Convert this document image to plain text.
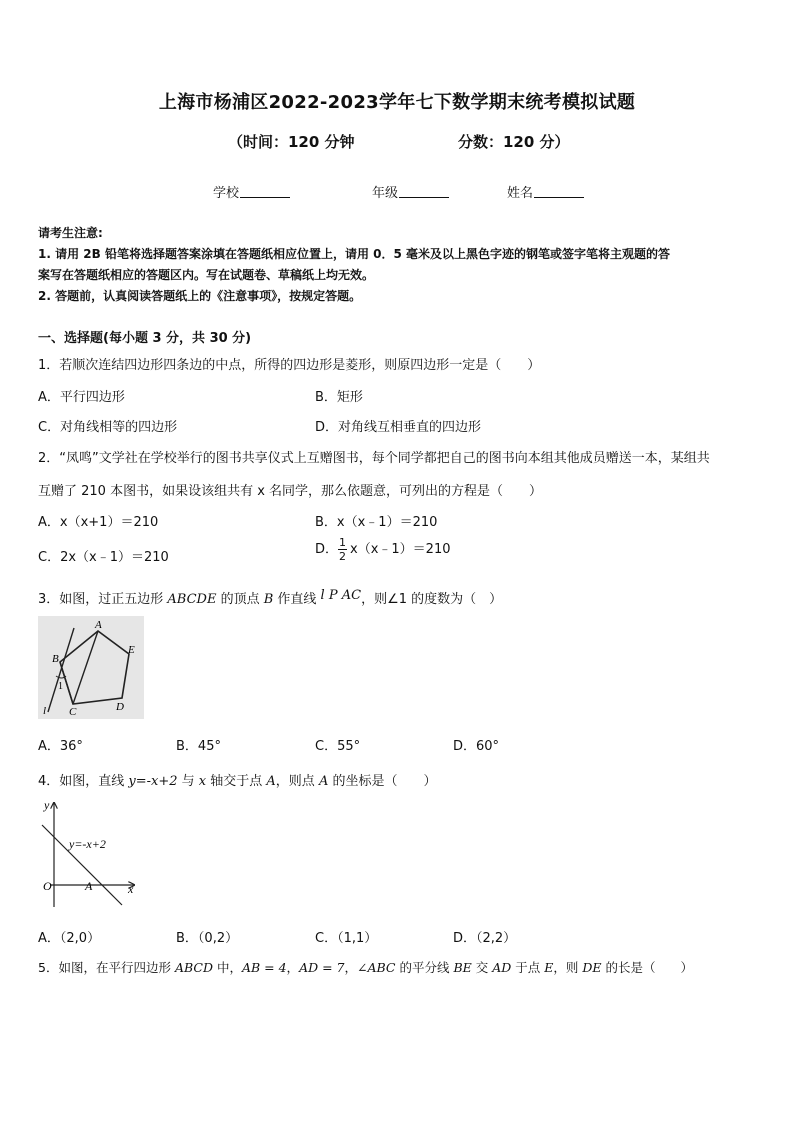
上海市杨浦区2022-2023学年七下数学期末统考模拟试题
（时间：120 分钟	分数：120 分）
学校	年级	姓名
请考生注意:
1. 请用 2B 铅笔将选择题答案涂填在答题纸相应位置上，请用 0．5 毫米及以上黑色字迹的钢笔或签字笔将主观题的答
案写在答题纸相应的答题区内。写在试题卷、草稿纸上均无效。
2. 答题前，认真阅读答题纸上的《注意事项》，按规定答题。
一、选择题(每小题 3 分，共 30 分)
1．若顺次连结四边形四条边的中点，所得的四边形是菱形，则原四边形一定是（　　）
A．平行四边形	B．矩形
C．对角线相等的四边形	D．对角线互相垂直的四边形
2．“凤鸣”文学社在学校举行的图书共享仪式上互赠图书，每个同学都把自己的图书向本组其他成员赠送一本，某组共
互赠了 210 本图书，如果设该组共有 x 名同学，那么依题意，可列出的方程是（　　）
A．x（x+1）＝210	B．x（x﹣1）＝210
C．2x（x﹣1）＝210
D． $\frac{1}{2}$ x（x﹣1）＝210
3．如图，过正五边形 ABCDE 的顶点 B 作直线 l P AC，则∠1 的度数为（　）
A
B
C	D
E
1
l
A．36°	B．45°	C．55°	D．60°
4．如图，直线 y=-x+2 与 x 轴交于点 A，则点 A 的坐标是（　　）
y
x
O	A
y=-x+2
A．（2,0）	B．（0,2）	C．（1,1）	D．（2,2）
5．如图，在平行四边形 ABCD 中，AB = 4，AD = 7，∠ABC 的平分线 BE 交 AD 于点 E，则 DE 的长是（　　）
